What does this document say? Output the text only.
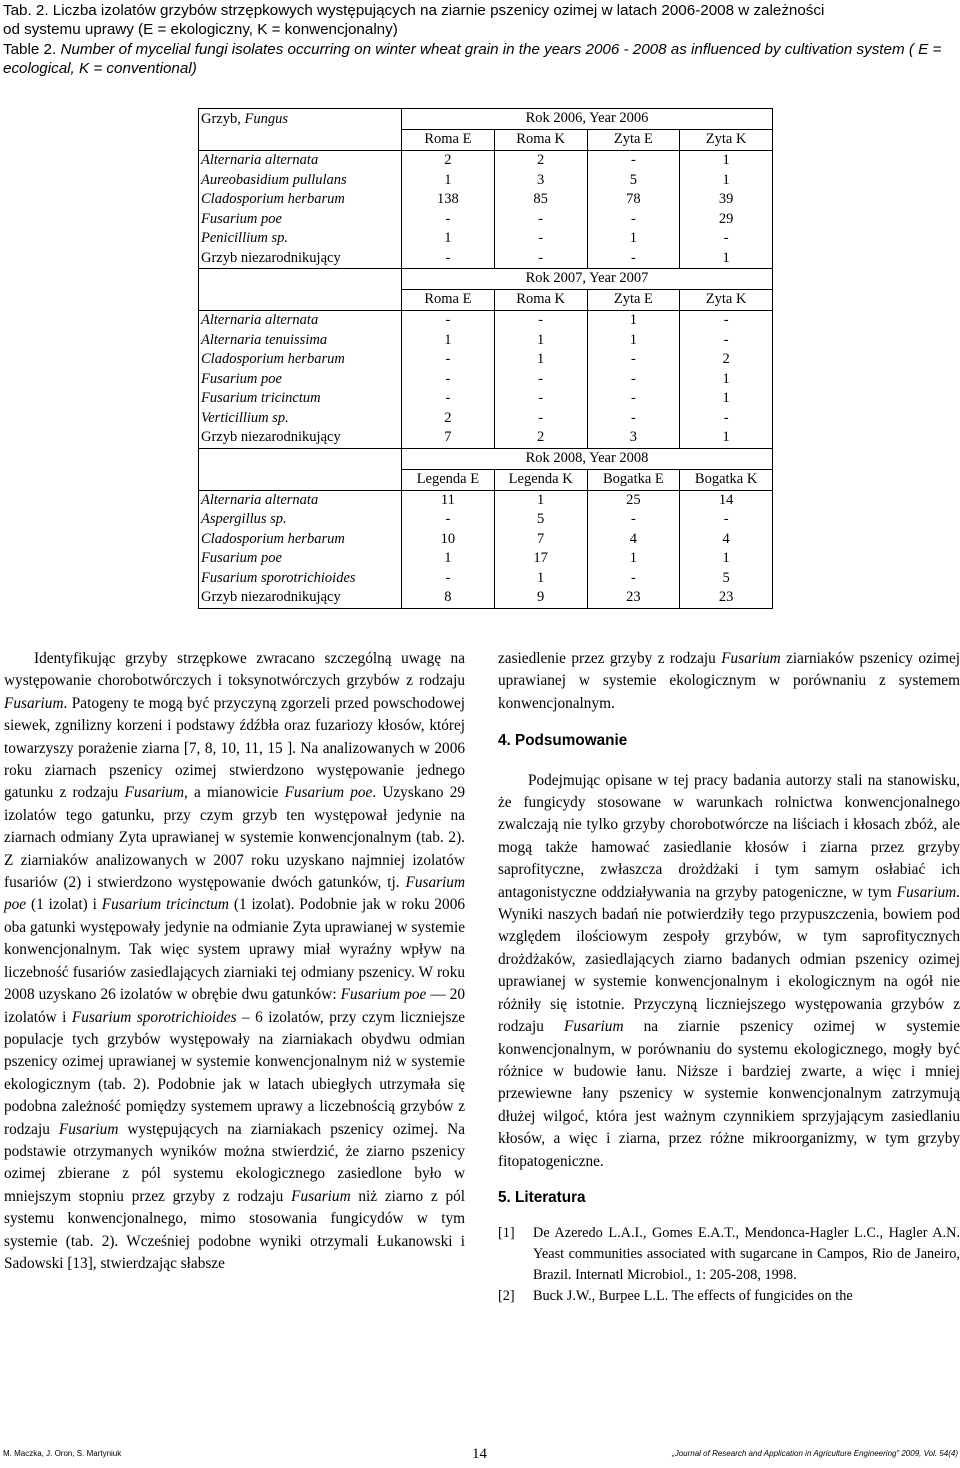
Tab. 2. Liczba izolatów grzybów strzępkowych występujących na ziarnie pszenicy ozimej w latach 2006-2008 w zależności
od systemu uprawy (E = ekologiczny, K = konwencjonalny)
Table 2. Number of mycelial fungi isolates occurring on winter wheat grain in the years 2006 - 2008 as influenced by cultivation system ( E = ecological, K = conventional)
Grzyb, Fungus	Rok 2006, Year 2006			
	Roma E	Roma K	Zyta E	Zyta K
Alternaria alternata	2	2	-	1
Aureobasidium pullulans	1	3	5	1
Cladosporium herbarum	138	85	78	39
Fusarium poe	-	-	-	29
Penicillium sp.	1	-	1	-
Grzyb niezarodnikujący	-	-	-	1
	Rok 2007, Year 2007			
	Roma E	Roma K	Zyta E	Zyta K
Alternaria alternata	-	-	1	-
Alternaria tenuissima	1	1	1	-
Cladosporium herbarum	-	1	-	2
Fusarium poe	-	-	-	1
Fusarium tricinctum	-	-	-	1
Verticillium sp.	2	-	-	-
Grzyb niezarodnikujący	7	2	3	1
	Rok 2008, Year 2008			
	Legenda E	Legenda K	Bogatka E	Bogatka K
Alternaria alternata	11	1	25	14
Aspergillus sp.	-	5	-	-
Cladosporium herbarum	10	7	4	4
Fusarium poe	1	17	1	1
Fusarium sporotrichioides	-	1	-	5
Grzyb niezarodnikujący	8	9	23	23

Identyfikując grzyby strzępkowe zwracano szczególną uwagę na występowanie chorobotwórczych i toksynotwórczych grzybów z rodzaju Fusarium. Patogeny te mogą być przyczyną zgorzeli przed powschodowej siewek, zgnilizny korzeni i podstawy źdźbła oraz fuzariozy kłosów, której towarzyszy porażenie ziarna [7, 8, 10, 11, 15 ]. Na analizowanych w 2006 roku ziarnach pszenicy ozimej stwierdzono występowanie jednego gatunku z rodzaju Fusarium, a mianowicie Fusarium poe. Uzyskano 29 izolatów tego gatunku, przy czym grzyb ten występował jedynie na ziarnach odmiany Zyta uprawianej w systemie konwencjonalnym (tab. 2). Z ziarniaków analizowanych w 2007 roku uzyskano najmniej izolatów fusariów (2) i stwierdzono występowanie dwóch gatunków, tj. Fusarium poe (1 izolat) i Fusarium tricinctum (1 izolat). Podobnie jak w roku 2006 oba gatunki występowały jedynie na odmianie Zyta uprawianej w systemie konwencjonalnym. Tak więc system uprawy miał wyraźny wpływ na liczebność fusariów zasiedlających ziarniaki tej odmiany pszenicy. W roku 2008 uzyskano 26 izolatów w obrębie dwu gatunków: Fusarium poe — 20 izolatów i Fusarium sporotrichioides – 6 izolatów, przy czym liczniejsze populacje tych grzybów występowały na ziarniakach obydwu odmian pszenicy ozimej uprawianej w systemie konwencjonalnym niż w systemie ekologicznym (tab. 2). Podobnie jak w latach ubiegłych utrzymała się podobna zależność pomiędzy systemem uprawy a liczebnością grzybów z rodzaju Fusarium występujących na ziarniakach pszenicy ozimej. Na podstawie otrzymanych wyników można stwierdzić, że ziarno pszenicy ozimej zbierane z pól systemu ekologicznego zasiedlone było w mniejszym stopniu przez grzyby z rodzaju Fusarium niż ziarno z pól systemu konwencjonalnego, mimo stosowania fungicydów w tym systemie (tab. 2). Wcześniej podobne wyniki otrzymali Łukanowski i Sadowski [13], stwierdzając słabsze

zasiedlenie przez grzyby z rodzaju Fusarium ziarniaków pszenicy ozimej uprawianej w systemie ekologicznym w porównaniu z systemem konwencjonalnym.

4. Podsumowanie

Podejmując opisane w tej pracy badania autorzy stali na stanowisku, że fungicydy stosowane w warunkach rolnictwa konwencjonalnego zwalczają nie tylko grzyby chorobotwórcze na liściach i kłosach zbóż, ale mogą także hamować zasiedlanie kłosów i ziarna przez grzyby saprofityczne, zwłaszcza drożdżaki i tym samym osłabiać ich antagonistyczne oddziaływania na grzyby patogeniczne, w tym Fusarium. Wyniki naszych badań nie potwierdziły tego przypuszczenia, bowiem pod względem ilościowym zespoły grzybów, w tym saprofitycznych drożdżaków, zasiedlających ziarno badanych odmian pszenicy ozimej uprawianej w systemie konwencjonalnym i ekologicznym na ogół nie różniły się istotnie. Przyczyną liczniejszego występowania grzybów z rodzaju Fusarium na ziarnie pszenicy ozimej w systemie konwencjonalnym, w porównaniu do systemu ekologicznego, mogły być różnice w budowie łanu. Niższe i bardziej zwarte, a więc i mniej przewiewne łany pszenicy w systemie konwencjonalnym zatrzymują dłużej wilgoć, która jest ważnym czynnikiem sprzyjającym zasiedlaniu kłosów, a więc i ziarna, przez różne mikroorganizmy, w tym grzyby fitopatogeniczne.

5. Literatura
[1]	De Azeredo L.A.I., Gomes E.A.T., Mendonca-Hagler L.C., Hagler A.N. Yeast communities associated with sugarcane in Campos, Rio de Janeiro, Brazil. Internatl Microbiol., 1: 205-208, 1998.
[2]	Buck J.W., Burpee L.L. The effects of fungicides on the
M. Maczka, J. Oron, S. Martyniuk	14	„Journal of Research and Application in Agriculture Engineering” 2009, Vol. 54(4)
